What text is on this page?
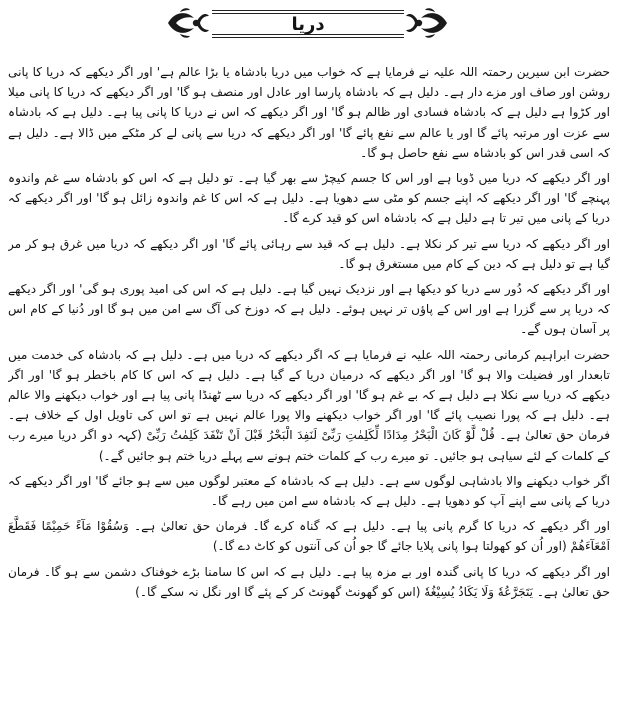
دریا

حضرت ابن سیرین رحمتہ اللہ علیہ نے فرمایا ہے کہ خواب میں دریا بادشاہ یا بڑا عالم ہے' اور اگر دیکھے کہ دریا کا پانی روشن اور صاف اور مزے دار ہے۔ دلیل ہے کہ بادشاہ پارسا اور عادل اور منصف ہو گا' اور اگر دیکھے کہ دریا کا پانی میلا اور کڑوا ہے دلیل ہے کہ بادشاہ فسادی اور ظالم ہو گا' اور اگر دیکھے کہ اس نے دریا کا پانی پیا ہے۔ دلیل ہے کہ بادشاہ سے عزت اور مرتبہ پائے گا اور یا عالم سے نفع پائے گا' اور اگر دیکھے کہ دریا سے پانی لے کر مٹکے میں ڈالا ہے۔ دلیل ہے کہ اسی قدر اس کو بادشاہ سے نفع حاصل ہو گا۔

اور اگر دیکھے کہ دریا میں ڈوبا ہے اور اس کا جسم کیچڑ سے بھر گیا ہے۔ تو دلیل ہے کہ اس کو بادشاہ سے غم واندوہ پہنچے گا' اور اگر دیکھے کہ اپنے جسم کو مٹی سے دھویا ہے۔ دلیل ہے کہ اس کا غم واندوہ زائل ہو گا' اور اگر دیکھے کہ دریا کے پانی میں تیر تا ہے دلیل ہے کہ بادشاہ اس کو قید کرے گا۔

اور اگر دیکھے کہ دریا سے تیر کر نکلا ہے۔ دلیل ہے کہ قید سے رہائی پائے گا' اور اگر دیکھے کہ دریا میں غرق ہو کر مر گیا ہے تو دلیل ہے کہ دین کے کام میں مستغرق ہو گا۔

اور اگر دیکھے کہ دُور سے دریا کو دیکھا ہے اور نزدیک نہیں گیا ہے۔ دلیل ہے کہ اس کی امید پوری ہو گی' اور اگر دیکھے کہ دریا پر سے گزرا ہے اور اس کے پاؤں تر نہیں ہوئے۔ دلیل ہے کہ دوزخ کی آگ سے امن میں ہو گا اور دُنیا کے کام اس پر آسان ہوں گے۔

حضرت ابراہیم کرمانی رحمتہ اللہ علیہ نے فرمایا ہے کہ اگر دیکھے کہ دریا میں ہے۔ دلیل ہے کہ بادشاہ کی خدمت میں تابعدار اور فضیلت والا ہو گا' اور اگر دیکھے کہ درمیان دریا کے گیا ہے۔ دلیل ہے کہ اس کا کام باخطر ہو گا' اور اگر دیکھے کہ دریا سے نکلا ہے دلیل ہے کہ بے غم ہو گا' اور اگر دیکھے کہ دریا سے ٹھنڈا پانی پیا ہے اور خواب دیکھنے والا عالم ہے۔ دلیل ہے کہ پورا نصیب پائے گا' اور اگر خواب دیکھنے والا پورا عالم نہیں ہے تو اس کی تاویل اول کے خلاف ہے۔ فرمان حق تعالیٰ ہے۔ قُلْ لَّوْ كَانَ الْبَحْرُ مِدَادًا لِّكَلِمٰتِ رَبِّیْ لَنَفِدَ الْبَحْرُ قَبْلَ اَنْ تَنْفَدَ كَلِمٰتُ رَبِّیْ (کہہ دو اگر دریا میرے رب کے کلمات کے لئے سیاہی ہو جائیں۔ تو میرے رب کے کلمات ختم ہونے سے پہلے دریا ختم ہو جائیں گے۔)

اگر خواب دیکھنے والا بادشاہی لوگوں سے ہے۔ دلیل ہے کہ بادشاہ کے معتبر لوگوں میں سے ہو جائے گا' اور اگر دیکھے کہ دریا کے پانی سے اپنے آپ کو دھویا ہے۔ دلیل ہے کہ بادشاہ سے امن میں رہے گا۔

اور اگر دیکھے کہ دریا کا گرم پانی پیا ہے۔ دلیل ہے کہ گناہ کرے گا۔ فرمان حق تعالیٰ ہے۔ وَسُقُوْا مَآءً حَمِیْمًا فَقَطَّعَ اَمْعَآءَهُمْ (اور اُن کو کھولتا ہوا پانی پلایا جائے گا جو اُن کی آنتوں کو کاٹ دے گا۔)

اور اگر دیکھے کہ دریا کا پانی گندہ اور بے مزہ پیا ہے۔ دلیل ہے کہ اس کا سامنا بڑے خوفناک دشمن سے ہو گا۔ فرمان حق تعالیٰ ہے۔ یَتَجَرَّعُهٗ وَلَا یَكَادُ یُسِیْغُهٗ (اس کو گھونٹ گھونٹ کر کے پئے گا اور نگل نہ سکے گا۔)
